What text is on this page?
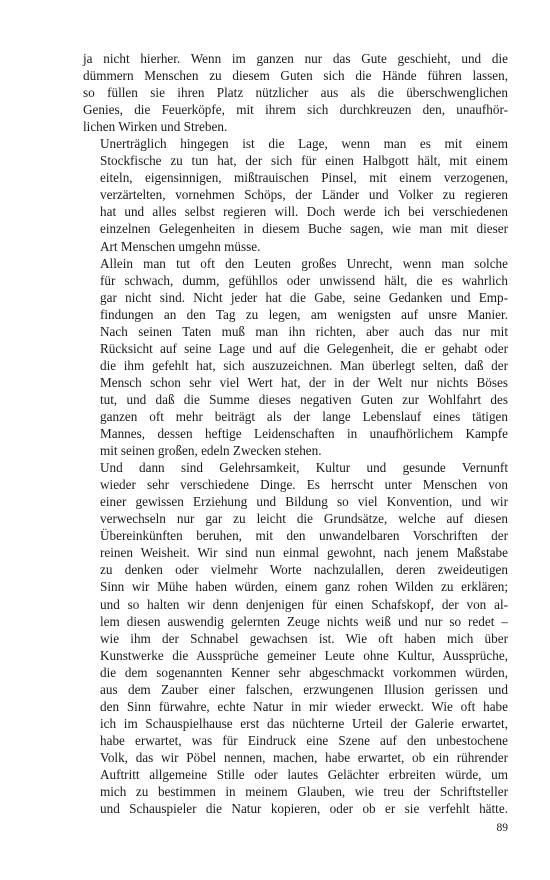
ja nicht hierher. Wenn im ganzen nur das Gute geschieht, und die
dümmern Menschen zu diesem Guten sich die Hände führen lassen,
so füllen sie ihren Platz nützlicher aus als die überschwenglichen
Genies, die Feuerköpfe, mit ihrem sich durchkreuzen den, unaufhör-
lichen Wirken und Streben.
Unerträglich hingegen ist die Lage, wenn man es mit einem
Stockfische zu tun hat, der sich für einen Halbgott hält, mit einem
eiteln, eigensinnigen, mißtrauischen Pinsel, mit einem verzogenen,
verzärtelten, vornehmen Schöps, der Länder und Volker zu regieren
hat und alles selbst regieren will. Doch werde ich bei verschiedenen
einzelnen Gelegenheiten in diesem Buche sagen, wie man mit dieser
Art Menschen umgehn müsse.
Allein man tut oft den Leuten großes Unrecht, wenn man solche
für schwach, dumm, gefühllos oder unwissend hält, die es wahrlich
gar nicht sind. Nicht jeder hat die Gabe, seine Gedanken und Emp-
findungen an den Tag zu legen, am wenigsten auf unsre Manier.
Nach seinen Taten muß man ihn richten, aber auch das nur mit
Rücksicht auf seine Lage und auf die Gelegenheit, die er gehabt oder
die ihm gefehlt hat, sich auszuzeichnen. Man überlegt selten, daß der
Mensch schon sehr viel Wert hat, der in der Welt nur nichts Böses
tut, und daß die Summe dieses negativen Guten zur Wohlfahrt des
ganzen oft mehr beiträgt als der lange Lebenslauf eines tätigen
Mannes, dessen heftige Leidenschaften in unaufhörlichem Kampfe
mit seinen großen, edeln Zwecken stehen.
Und dann sind Gelehrsamkeit, Kultur und gesunde Vernunft
wieder sehr verschiedene Dinge. Es herrscht unter Menschen von
einer gewissen Erziehung und Bildung so viel Konvention, und wir
verwechseln nur gar zu leicht die Grundsätze, welche auf diesen
Übereinkünften beruhen, mit den unwandelbaren Vorschriften der
reinen Weisheit. Wir sind nun einmal gewohnt, nach jenem Maßstabe
zu denken oder vielmehr Worte nachzulallen, deren zweideutigen
Sinn wir Mühe haben würden, einem ganz rohen Wilden zu erklären;
und so halten wir denn denjenigen für einen Schafskopf, der von al-
lem diesen auswendig gelernten Zeuge nichts weiß und nur so redet –
wie ihm der Schnabel gewachsen ist. Wie oft haben mich über
Kunstwerke die Aussprüche gemeiner Leute ohne Kultur, Aussprüche,
die dem sogenannten Kenner sehr abgeschmackt vorkommen würden,
aus dem Zauber einer falschen, erzwungenen Illusion gerissen und
den Sinn fürwahre, echte Natur in mir wieder erweckt. Wie oft habe
ich im Schauspielhause erst das nüchterne Urteil der Galerie erwartet,
habe erwartet, was für Eindruck eine Szene auf den unbestochene
Volk, das wir Pöbel nennen, machen, habe erwartet, ob ein rührender
Auftritt allgemeine Stille oder lautes Gelächter erbreiten würde, um
mich zu bestimmen in meinem Glauben, wie treu der Schriftsteller
und Schauspieler die Natur kopieren, oder ob er sie verfehlt hätte.
89
